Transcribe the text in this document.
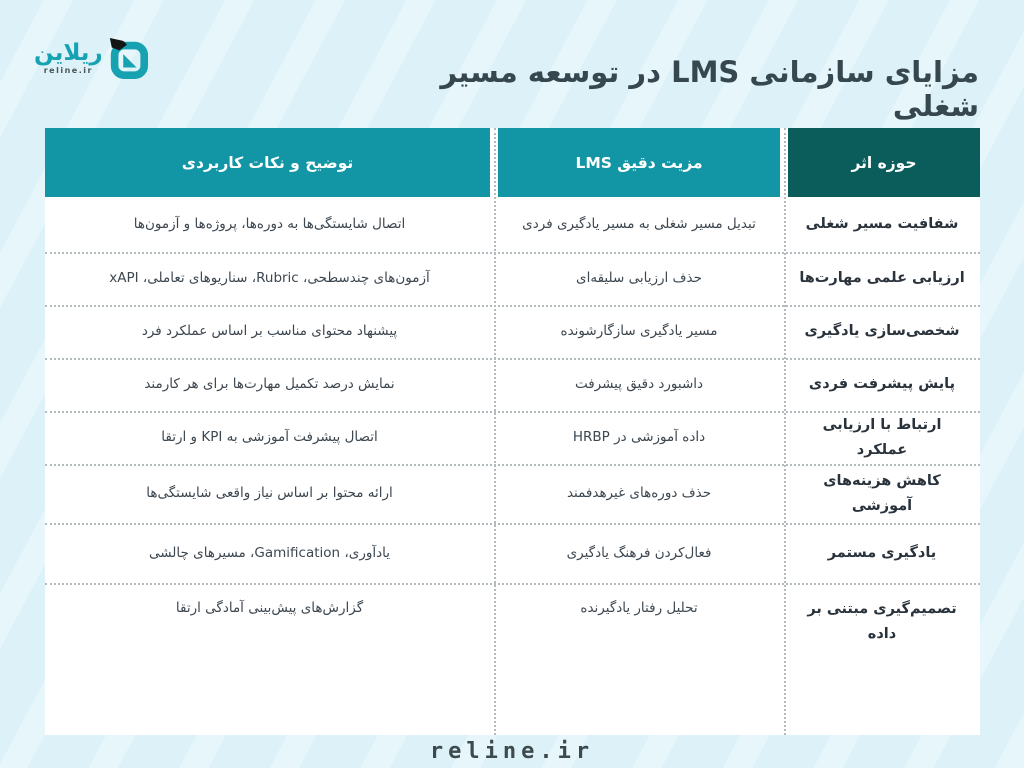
ریلاین
reline.ir	مزایای سازمانی LMS در توسعه مسیر شغلی
حوزه اثر
مزیت دقیق LMS
توضیح و نکات کاربردی
شفافیت مسیر شغلی
تبدیل مسیر شغلی به مسیر یادگیری فردی
اتصال شایستگی‌ها به دوره‌ها، پروژه‌ها و آزمون‌ها
ارزیابی علمی مهارت‌ها
حذف ارزیابی سلیقه‌ای
آزمون‌های چندسطحی، Rubric، سناریوهای تعاملی، xAPI
شخصی‌سازی یادگیری
مسیر یادگیری سازگارشونده
پیشنهاد محتوای مناسب بر اساس عملکرد فرد
پایش پیشرفت فردی
داشبورد دقیق پیشرفت
نمایش درصد تکمیل مهارت‌ها برای هر کارمند
ارتباط با ارزیابی عملکرد
داده آموزشی در HRBP
اتصال پیشرفت آموزشی به KPI و ارتقا
کاهش هزینه‌های آموزشی
حذف دوره‌های غیرهدفمند
ارائه محتوا بر اساس نیاز واقعی شایستگی‌ها
یادگیری مستمر
فعال‌کردن فرهنگ یادگیری
یادآوری، Gamification، مسیرهای چالشی
تصمیم‌گیری مبتنی بر داده
تحلیل رفتار یادگیرنده
گزارش‌های پیش‌بینی آمادگی ارتقا
reline.ir
